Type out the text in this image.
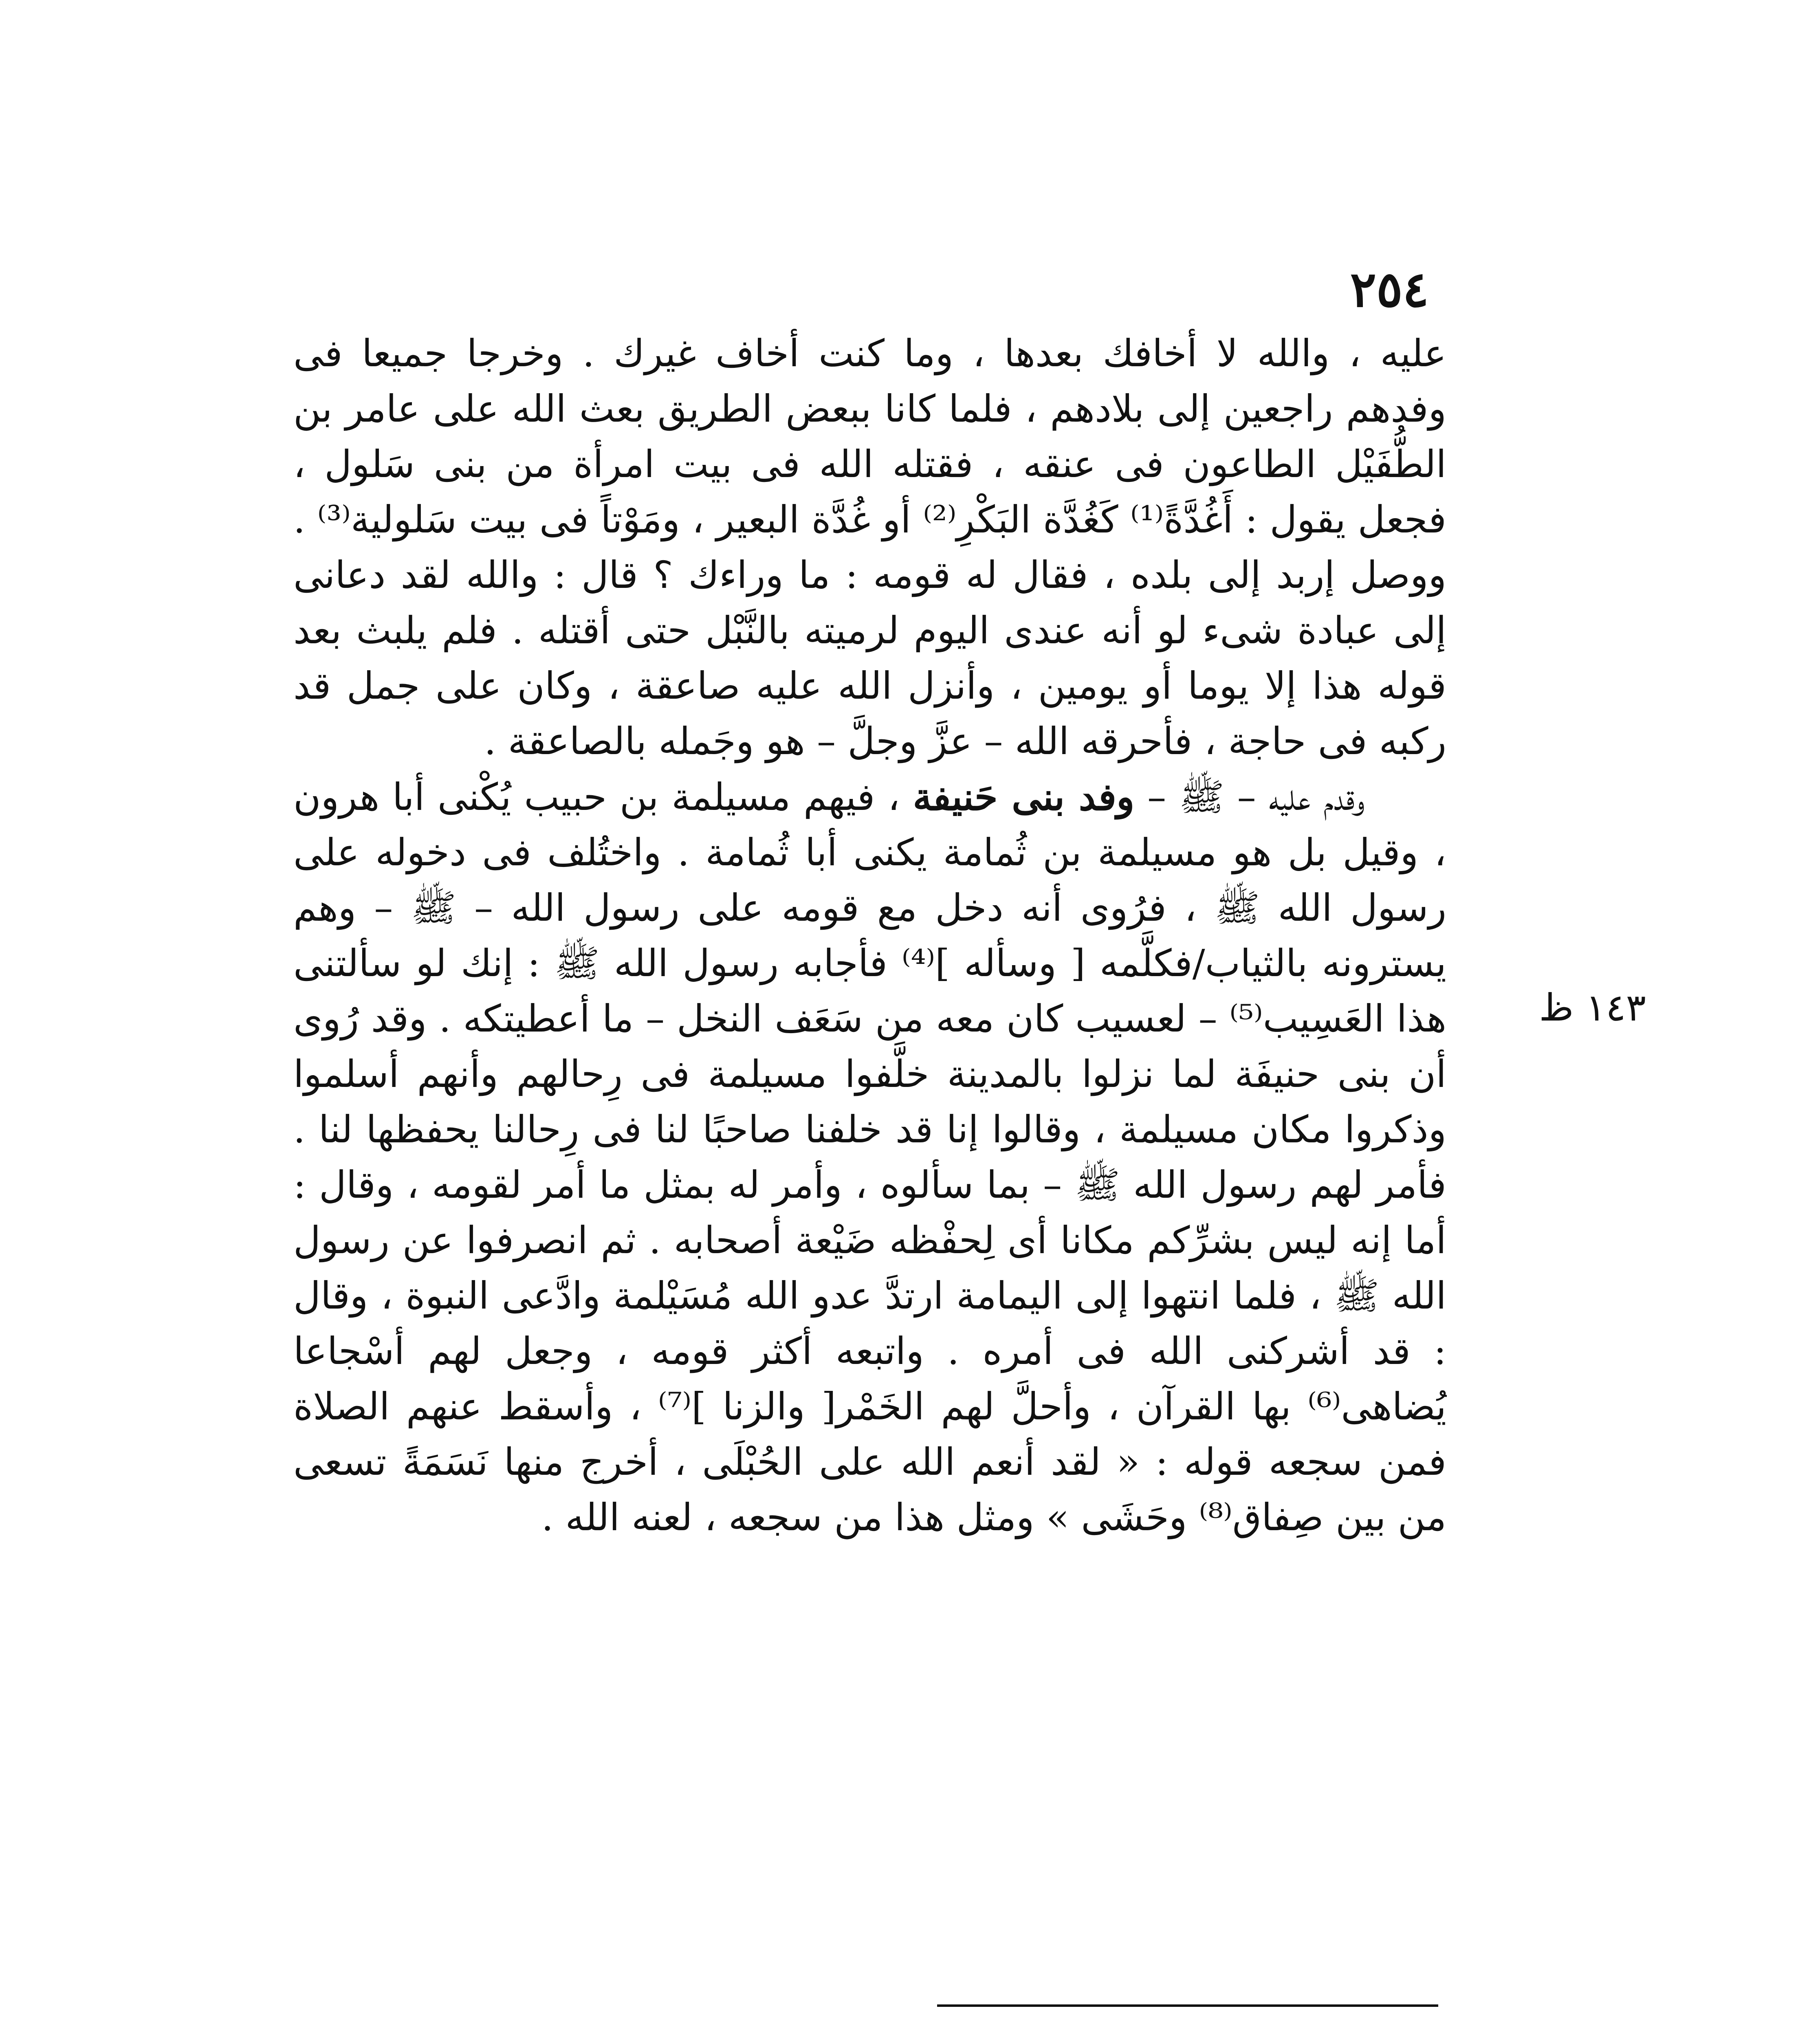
٢٥٤
١٤٣ ظ

عليه ، والله لا أخافك بعدها ، وما كنت أخاف غيرك . وخرجا جميعا فى وفدهم راجعين إلى بلادهم ، فلما كانا ببعض الطريق بعث الله على عامر بن الطُّفَيْل الطاعون فى عنقه ، فقتله الله فى بيت امرأة من بنى سَلول ، فجعل يقول : أَغُدَّةً⁽¹⁾ كَغُدَّة البَكْرِ⁽²⁾ أو غُدَّة البعير ، ومَوْتاً فى بيت سَلولية⁽³⁾ . ووصل إربد إلى بلده ، فقال له قومه : ما وراءك ؟ قال : والله لقد دعانى إلى عبادة شىء لو أنه عندى اليوم لرميته بالنَّبْل حتى أقتله . فلم يلبث بعد قوله هذا إلا يوما أو يومين ، وأنزل الله عليه صاعقة ، وكان على جمل قد ركبه فى حاجة ، فأحرقه الله – عزَّ وجلَّ – هو وجَمله بالصاعقة .

وقدم عليه – ﷺ – وفد بنى حَنيفة ، فيهم مسيلمة بن حبيب يُكْنى أبا هرون ، وقيل بل هو مسيلمة بن ثُمامة يكنى أبا ثُمامة . واختُلف فى دخوله على رسول الله ﷺ ، فرُوى أنه دخل مع قومه على رسول الله – ﷺ – وهم يسترونه بالثياب/فكلَّمه [ وسأله ]⁽⁴⁾ فأجابه رسول الله ﷺ : إنك لو سألتنى هذا العَسِيب⁽⁵⁾ – لعسيب كان معه من سَعَف النخل – ما أعطيتكه . وقد رُوى أن بنى حنيفَة لما نزلوا بالمدينة خلَّفوا مسيلمة فى رِحالهم وأنهم أسلموا وذكروا مكان مسيلمة ، وقالوا إنا قد خلفنا صاحبًا لنا فى رِحالنا يحفظها لنا . فأمر لهم رسول الله ﷺ – بما سألوه ، وأمر له بمثل ما أمر لقومه ، وقال : أما إنه ليس بشرِّكم مكانا أى لِحفْظه ضَيْعة أصحابه . ثم انصرفوا عن رسول الله ﷺ ، فلما انتهوا إلى اليمامة ارتدَّ عدو الله مُسَيْلمة وادَّعى النبوة ، وقال : قد أشركنى الله فى أمره . واتبعه أكثر قومه ، وجعل لهم أسْجاعا يُضاهى⁽⁶⁾ بها القرآن ، وأحلَّ لهم الخَمْر[ والزنا ]⁽⁷⁾ ، وأسقط عنهم الصلاة فمن سجعه قوله : « لقد أنعم الله على الحُبْلَى ، أخرج منها نَسَمَةً تسعى من بين صِفاق⁽⁸⁾ وحَشَى » ومثل هذا من سجعه ، لعنه الله .
